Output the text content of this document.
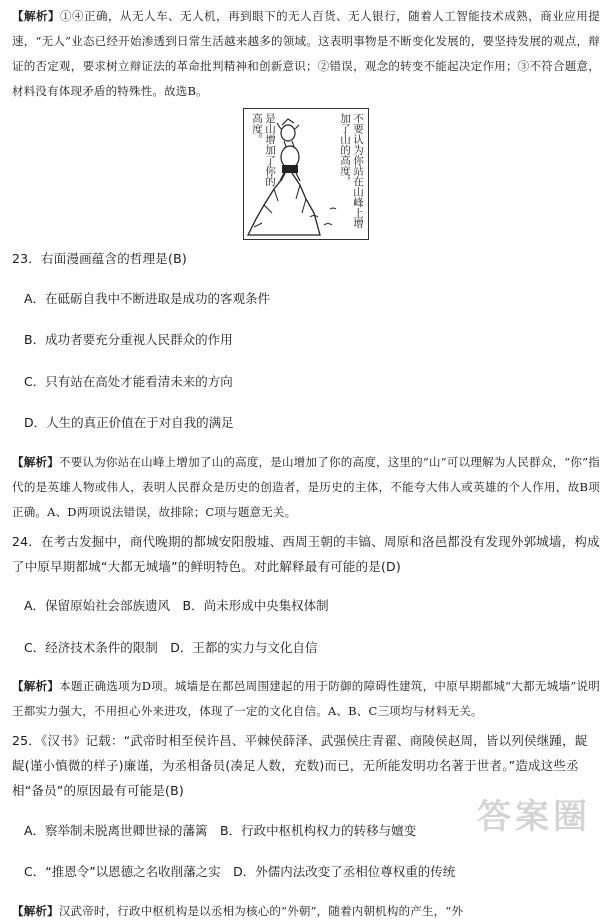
【解析】①④正确，从无人车、无人机，再到眼下的无人百货、无人银行，随着人工智能技术成熟，商业应用提速，“无人”业态已经开始渗透到日常生活越来越多的领域。这表明事物是不断变化发展的，要坚持发展的观点，辩证的否定观，要求树立辩证法的革命批判精神和创新意识；②错误，观念的转变不能起决定作用；③不符合题意，材料没有体现矛盾的特殊性。故选B。

不要认为你站在山峰上增加了山的高度，
是山增加了你的高度。

23．右面漫画蕴含的哲理是(B)

A．在砥砺自我中不断进取是成功的客观条件

B．成功者要充分重视人民群众的作用

C．只有站在高处才能看清未来的方向

D．人生的真正价值在于对自我的满足

【解析】不要认为你站在山峰上增加了山的高度，是山增加了你的高度，这里的“山”可以理解为人民群众，“你”指代的是英雄人物或伟人，表明人民群众是历史的创造者，是历史的主体，不能夸大伟人或英雄的个人作用，故B项正确。A、D两项说法错误，故排除；C项与题意无关。

24．在考古发掘中，商代晚期的都城安阳殷墟、西周王朝的丰镐、周原和洛邑都没有发现外郭城墙，构成了中原早期都城“大都无城墙”的鲜明特色。对此解释最有可能的是(D)

A．保留原始社会部族遗风　B．尚未形成中央集权体制

C．经济技术条件的限制　D．王都的实力与文化自信

【解析】本题正确选项为D项。城墙是在都邑周围建起的用于防御的障碍性建筑，中原早期都城“大都无城墙”说明王都实力强大，不用担心外来进攻，体现了一定的文化自信。A、B、C三项均与材料无关。

25．《汉书》记载：“武帝时相至侯许昌、平棘侯薛泽、武强侯庄青翟、商陵侯赵周，皆以列侯继踵，龊龊(谨小慎微的样子)廉谨，为丞相备员(凑足人数，充数)而已，无所能发明功名著于世者。”造成这些丞相“备员”的原因最有可能是(B)

A．察举制未脱离世卿世禄的藩篱　B．行政中枢机构权力的转移与嬗变

C．“推恩令”以恩德之名收削藩之实　D．外儒内法改变了丞相位尊权重的传统

【解析】汉武帝时，行政中枢机构是以丞相为核心的“外朝”，随着内朝机构的产生，“外

答案圈
